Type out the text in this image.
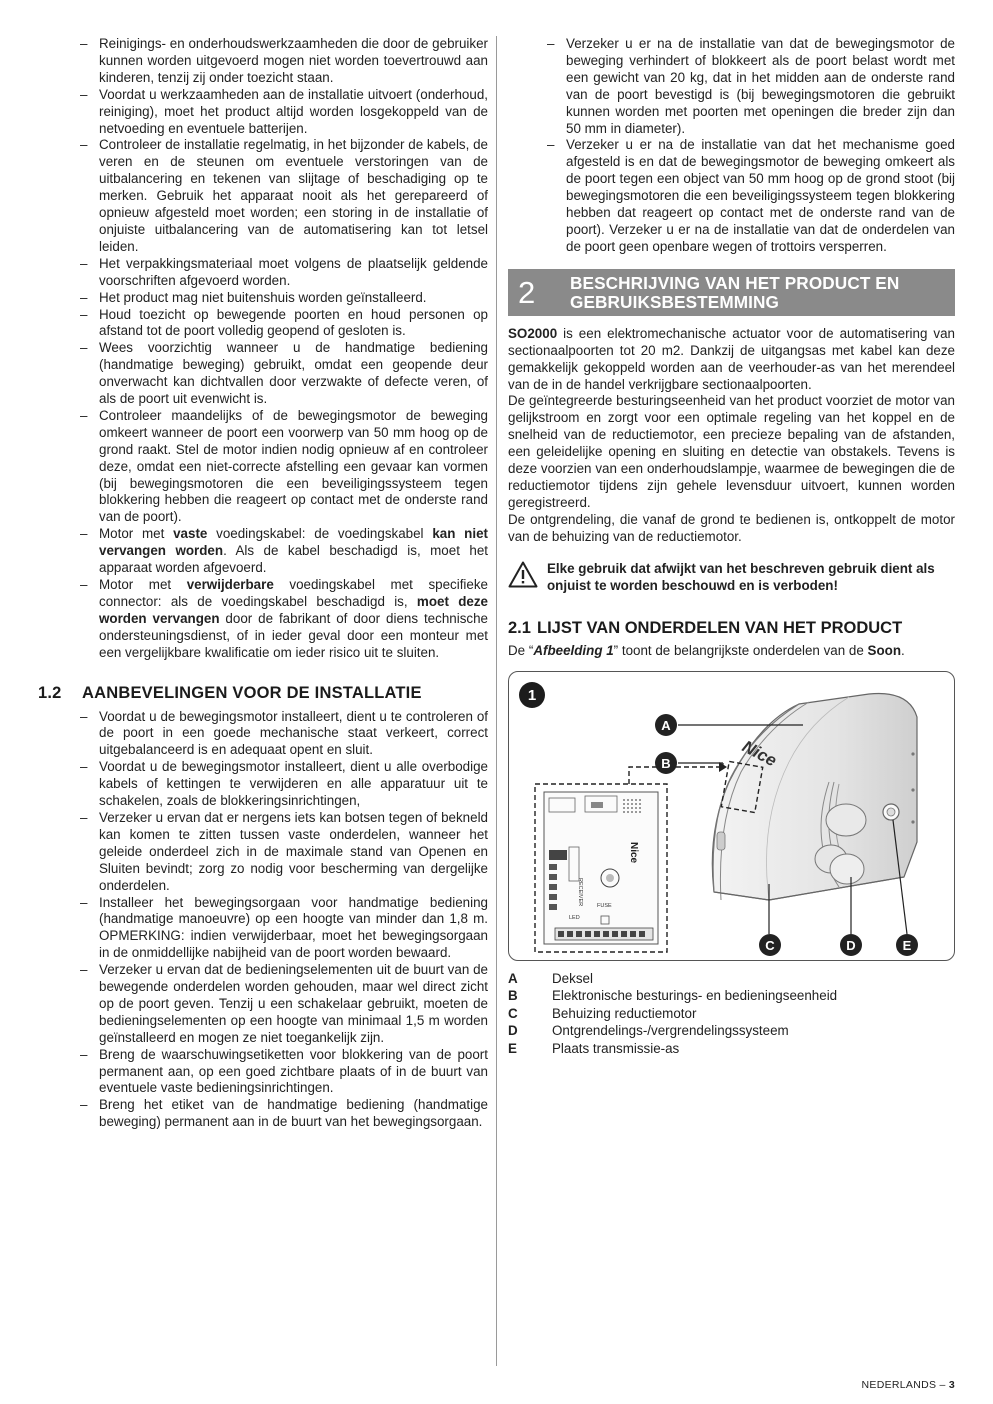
– Reinigings- en onderhoudswerkzaamheden die door de gebruiker kunnen worden uitgevoerd mogen niet worden toevertrouwd aan kinderen, tenzij zij onder toezicht staan.
– Voordat u werkzaamheden aan de installatie uitvoert (onderhoud, reiniging), moet het product altijd worden losgekoppeld van de netvoeding en eventuele batterijen.
– Controleer de installatie regelmatig, in het bijzonder de kabels, de veren en de steunen om eventuele verstoringen van de uitbalancering en tekenen van slijtage of beschadiging op te merken. Gebruik het apparaat nooit als het gerepareerd of opnieuw afgesteld moet worden; een storing in de installatie of onjuiste uitbalancering van de automatisering kan tot letsel leiden.
– Het verpakkingsmateriaal moet volgens de plaatselijk geldende voorschriften afgevoerd worden.
– Het product mag niet buitenshuis worden geïnstalleerd.
– Houd toezicht op bewegende poorten en houd personen op afstand tot de poort volledig geopend of gesloten is.
– Wees voorzichtig wanneer u de handmatige bediening (handmatige beweging) gebruikt, omdat een geopende deur onverwacht kan dichtvallen door verzwakte of defecte veren, of als de poort uit evenwicht is.
– Controleer maandelijks of de bewegingsmotor de beweging omkeert wanneer de poort een voorwerp van 50 mm hoog op de grond raakt. Stel de motor indien nodig opnieuw af en controleer deze, omdat een niet-correcte afstelling een gevaar kan vormen (bij bewegingsmotoren die een beveiligingssysteem tegen blokkering hebben die reageert op contact met de onderste rand van de poort).
– Motor met vaste voedingskabel: de voedingskabel kan niet vervangen worden. Als de kabel beschadigd is, moet het apparaat worden afgevoerd.
– Motor met verwijderbare voedingskabel met specifieke connector: als de voedingskabel beschadigd is, moet deze worden vervangen door de fabrikant of door diens technische ondersteuningsdienst, of in ieder geval door een monteur met een vergelijkbare kwalificatie om ieder risico uit te sluiten.
1.2 AANBEVELINGEN VOOR DE INSTALLATIE
– Voordat u de bewegingsmotor installeert, dient u te controleren of de poort in een goede mechanische staat verkeert, correct uitgebalanceerd is en adequaat opent en sluit.
– Voordat u de bewegingsmotor installeert, dient u alle overbodige kabels of kettingen te verwijderen en alle apparatuur uit te schakelen, zoals de blokkeringsinrichtingen,
– Verzeker u ervan dat er nergens iets kan botsen tegen of bekneld kan komen te zitten tussen vaste onderdelen, wanneer het geleide onderdeel zich in de maximale stand van Openen en Sluiten bevindt; zorg zo nodig voor bescherming van dergelijke onderdelen.
– Installeer het bewegingsorgaan voor handmatige bediening (handmatige manoeuvre) op een hoogte van minder dan 1,8 m. OPMERKING: indien verwijderbaar, moet het bewegingsorgaan in de onmiddellijke nabijheid van de poort worden bewaard.
– Verzeker u ervan dat de bedieningselementen uit de buurt van de bewegende onderdelen worden gehouden, maar wel direct zicht op de poort geven. Tenzij u een schakelaar gebruikt, moeten de bedieningselementen op een hoogte van minimaal 1,5 m worden geïnstalleerd en mogen ze niet toegankelijk zijn.
– Breng de waarschuwingsetiketten voor blokkering van de poort permanent aan, op een goed zichtbare plaats of in de buurt van eventuele vaste bedieningsinrichtingen.
– Breng het etiket van de handmatige bediening (handmatige beweging) permanent aan in de buurt van het bewegingsorgaan.
– Verzeker u er na de installatie van dat de bewegingsmotor de beweging verhindert of blokkeert als de poort belast wordt met een gewicht van 20 kg, dat in het midden aan de onderste rand van de poort bevestigd is (bij bewegingsmotoren die gebruikt kunnen worden met poorten met openingen die breder zijn dan 50 mm in diameter).
– Verzeker u er na de installatie van dat het mechanisme goed afgesteld is en dat de bewegingsmotor de beweging omkeert als de poort tegen een object van 50 mm hoog op de grond stoot (bij bewegingsmotoren die een beveiligingssysteem tegen blokkering hebben dat reageert op contact met de onderste rand van de poort). Verzeker u er na de installatie van dat de onderdelen van de poort geen openbare wegen of trottoirs versperren.
2 BESCHRIJVING VAN HET PRODUCT EN GEBRUIKSBESTEMMING

SO2000 is een elektromechanische actuator voor de automatisering van sectionaalpoorten tot 20 m2. Dankzij de uitgangsas met kabel kan deze gemakkelijk gekoppeld worden aan de veerhouder-as van het merendeel van de in de handel verkrijgbare sectionaalpoorten.

De geïntegreerde besturingseenheid van het product voorziet de motor van gelijkstroom en zorgt voor een optimale regeling van het koppel en de snelheid van de reductiemotor, een precieze bepaling van de afstanden, een geleidelijke opening en sluiting en detectie van obstakels. Tevens is deze voorzien van een onderhoudslampje, waarmee de bewegingen die de reductiemotor tijdens zijn gehele levensduur uitvoert, kunnen worden geregistreerd.

De ontgrendeling, die vanaf de grond te bedienen is, ontkoppelt de motor van de behuizing van de reductiemotor.

Elke gebruik dat afwijkt van het beschreven gebruik dient als onjuist te worden beschouwd en is verboden!
2.1 LIJST VAN ONDERDELEN VAN HET PRODUCT
De “Afbeelding 1” toont de belangrijkste onderdelen van de Soon.
1
Nice
RECEIVER
LED
FUSE
Nice
A
B
C	D	E
A	Deksel
B	Elektronische besturings- en bedieningseenheid
C	Behuizing reductiemotor
D	Ontgrendelings-/vergrendelingssysteem
E	Plaats transmissie-as
NEDERLANDS – 3
